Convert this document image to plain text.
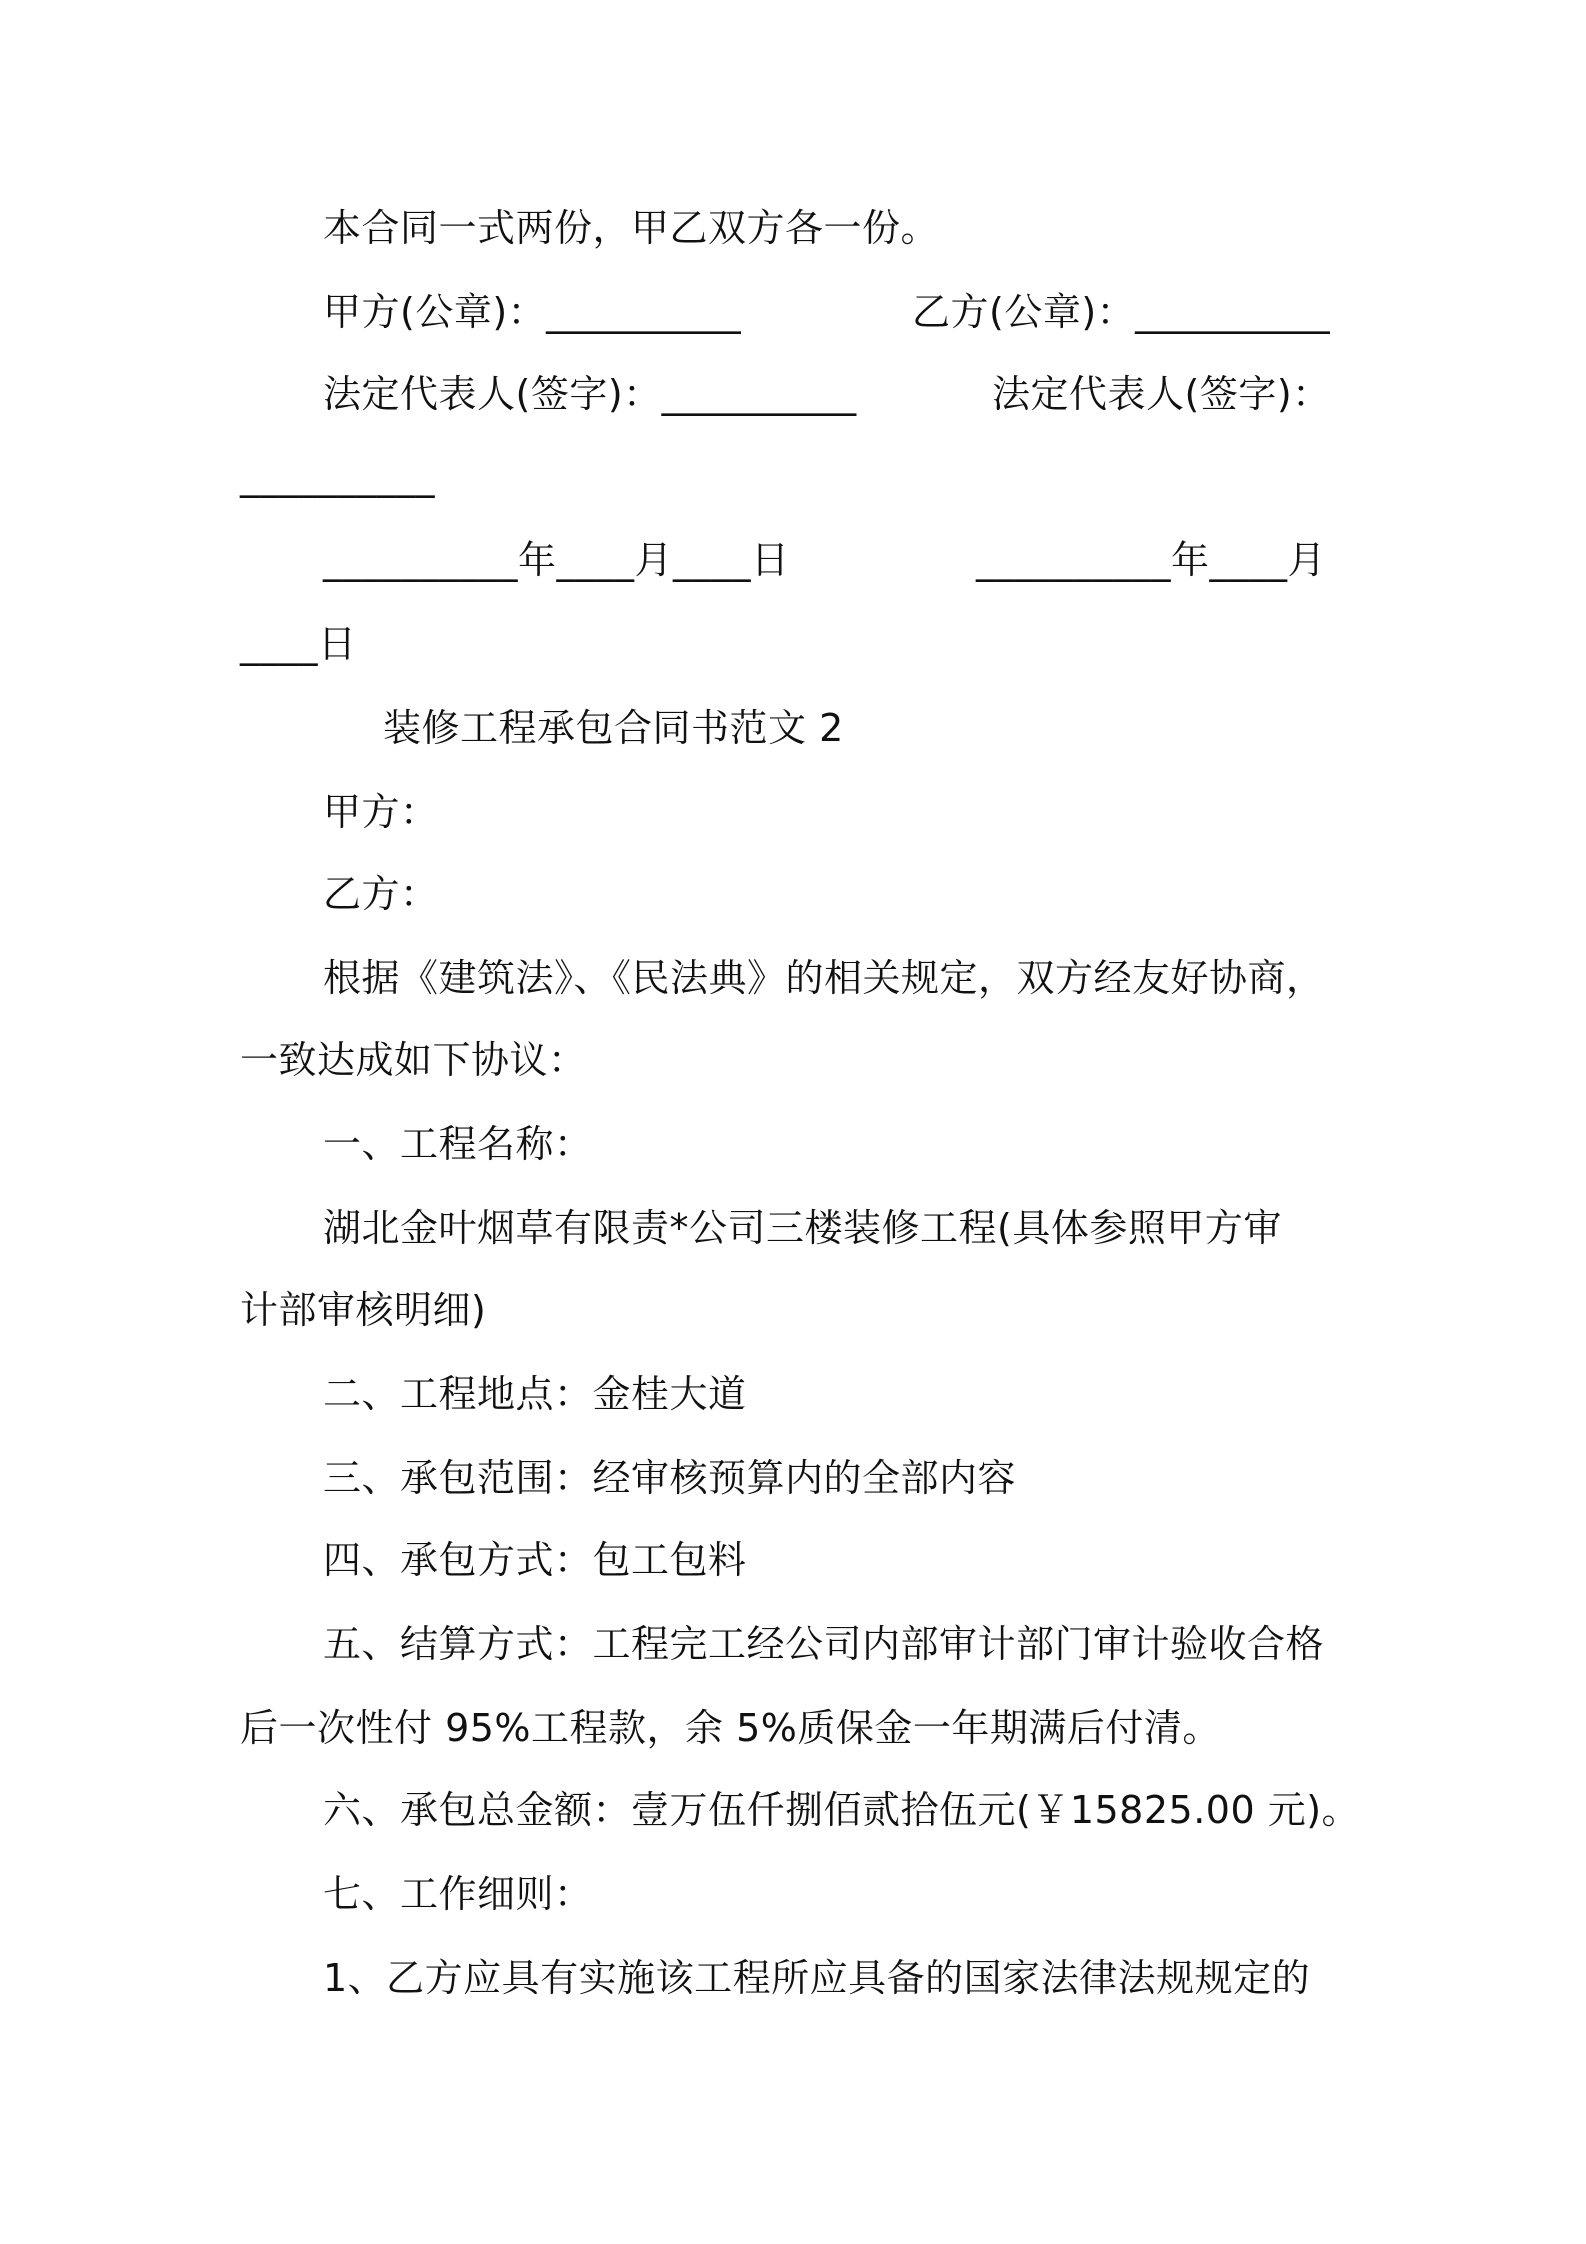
本合同一式两份，甲乙双方各一份。
甲方(公章)：__________	乙方(公章)：__________
法定代表人(签字)：__________	法定代表人(签字)：
__________
__________年____月____日	__________年____月
____日
装修工程承包合同书范文 2
甲方：
乙方：
根据《建筑法》、《民法典》的相关规定，双方经友好协商，
一致达成如下协议：
一、工程名称：
湖北金叶烟草有限责*公司三楼装修工程(具体参照甲方审
计部审核明细)
二、工程地点：金桂大道
三、承包范围：经审核预算内的全部内容
四、承包方式：包工包料
五、结算方式：工程完工经公司内部审计部门审计验收合格
后一次性付 95%工程款，余 5%质保金一年期满后付清。
六、承包总金额：壹万伍仟捌佰贰拾伍元(￥15825.00 元)。
七、工作细则：
1、乙方应具有实施该工程所应具备的国家法律法规规定的
